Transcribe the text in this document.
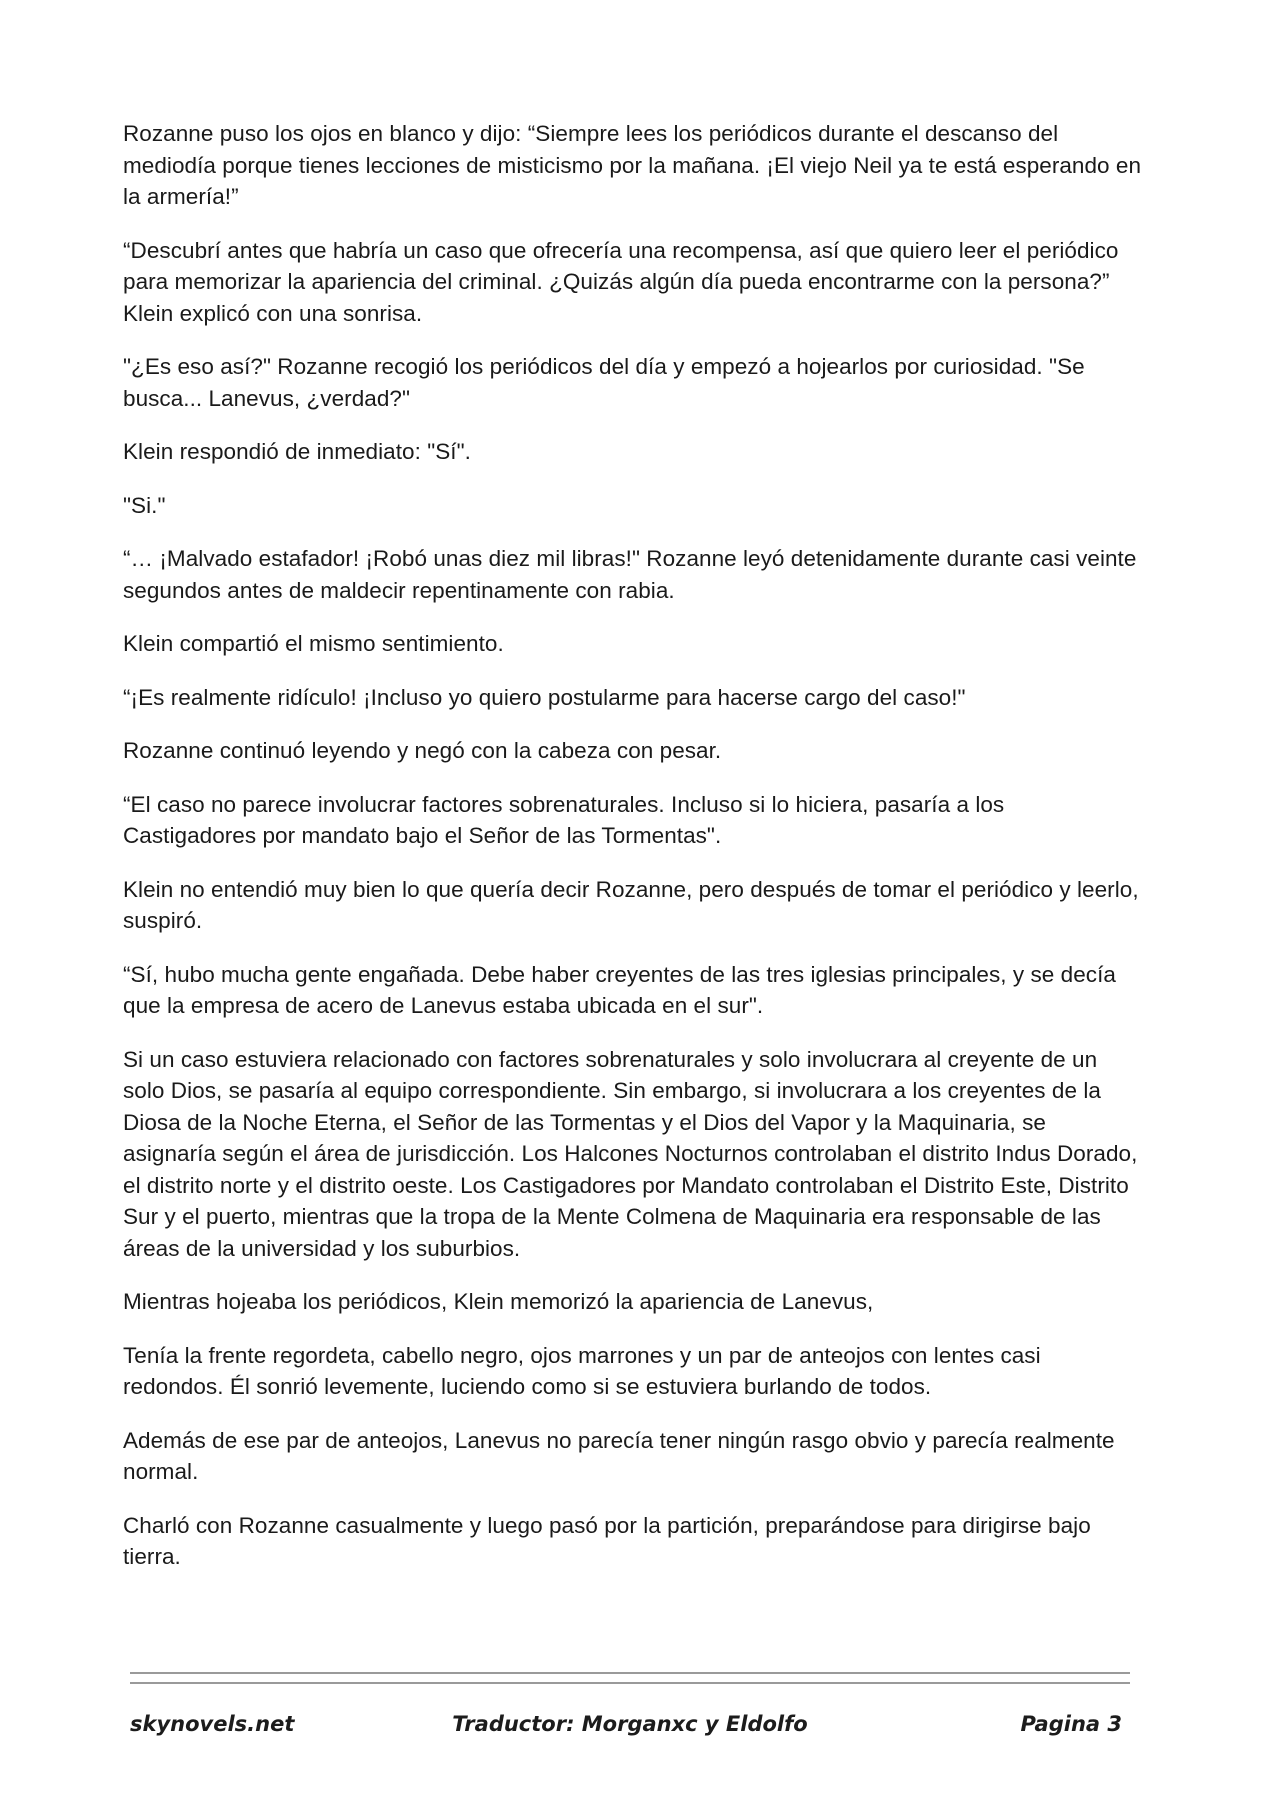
Rozanne puso los ojos en blanco y dijo: “Siempre lees los periódicos durante el descanso del mediodía porque tienes lecciones de misticismo por la mañana. ¡El viejo Neil ya te está esperando en la armería!”

“Descubrí antes que habría un caso que ofrecería una recompensa, así que quiero leer el periódico para memorizar la apariencia del criminal. ¿Quizás algún día pueda encontrarme con la persona?” Klein explicó con una sonrisa.

"¿Es eso así?" Rozanne recogió los periódicos del día y empezó a hojearlos por curiosidad. "Se busca... Lanevus, ¿verdad?"

Klein respondió de inmediato: "Sí".

"Si."

“… ¡Malvado estafador! ¡Robó unas diez mil libras!" Rozanne leyó detenidamente durante casi veinte segundos antes de maldecir repentinamente con rabia.

Klein compartió el mismo sentimiento.

“¡Es realmente ridículo! ¡Incluso yo quiero postularme para hacerse cargo del caso!"

Rozanne continuó leyendo y negó con la cabeza con pesar.

“El caso no parece involucrar factores sobrenaturales. Incluso si lo hiciera, pasaría a los Castigadores por mandato bajo el Señor de las Tormentas".

Klein no entendió muy bien lo que quería decir Rozanne, pero después de tomar el periódico y leerlo, suspiró.

“Sí, hubo mucha gente engañada. Debe haber creyentes de las tres iglesias principales, y se decía que la empresa de acero de Lanevus estaba ubicada en el sur".

Si un caso estuviera relacionado con factores sobrenaturales y solo involucrara al creyente de un solo Dios, se pasaría al equipo correspondiente. Sin embargo, si involucrara a los creyentes de la Diosa de la Noche Eterna, el Señor de las Tormentas y el Dios del Vapor y la Maquinaria, se asignaría según el área de jurisdicción. Los Halcones Nocturnos controlaban el distrito Indus Dorado, el distrito norte y el distrito oeste. Los Castigadores por Mandato controlaban el Distrito Este, Distrito Sur y el puerto, mientras que la tropa de la Mente Colmena de Maquinaria era responsable de las áreas de la universidad y los suburbios.

Mientras hojeaba los periódicos, Klein memorizó la apariencia de Lanevus,

Tenía la frente regordeta, cabello negro, ojos marrones y un par de anteojos con lentes casi redondos. Él sonrió levemente, luciendo como si se estuviera burlando de todos.

Además de ese par de anteojos, Lanevus no parecía tener ningún rasgo obvio y parecía realmente normal.

Charló con Rozanne casualmente y luego pasó por la partición, preparándose para dirigirse bajo tierra.

skynovels.net	Traductor: Morganxc y Eldolfo	Pagina 3
